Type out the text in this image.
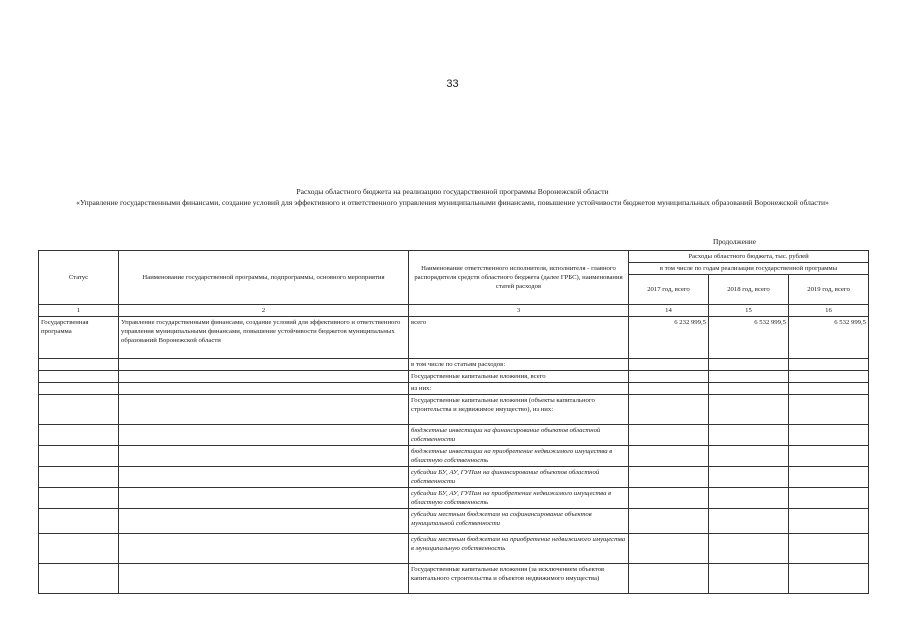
33
Расходы областного бюджета на реализацию государственной программы Воронежской области
«Управление государственными финансами, создание условий для эффективного и ответственного управления муниципальными финансами, повышение устойчивости бюджетов муниципальных образований Воронежской области»
Продолжение
Статус	Наименование государственной программы, подпрограммы, основного мероприятия	Наименование ответственного исполнителя, исполнителя - главного распорядителя средств областного бюджета (далее ГРБС), наименования статей расходов	Расходы областного бюджета, тыс. рублей		
			в том числе по годам реализации государственной программы		
			2017 год, всего	2018 год, всего	2019 год, всего
1	2	3	14	15	16
Государственная программа	Управление государственными финансами, создание условий для эффективного и ответственного управления муниципальными финансами, повышение устойчивости бюджетов муниципальных образований Воронежской области	всего	6 232 999,5	6 532 999,5	6 532 999,5
		в том числе по статьям расходов:			
		Государственные капитальные вложения, всего			
		из них:			
		Государственные капитальные вложения (объекты капитального строительства и недвижимое имущество), из них:			
		бюджетные инвестиции на финансирование объектов областной собственности			
		бюджетные инвестиции на приобретение недвижимого имущества в областную собственность			
		субсидии БУ, АУ, ГУПам на финансирование объектов областной собственности			
		субсидии БУ, АУ, ГУПам на приобретение недвижимого имущества в областную собственность			
		субсидии местным бюджетам на софинансирование объектов муниципальной собственности			
		субсидии местным бюджетам на приобретение недвижимого имущества в муниципальную собственность			
		Государственные капитальные вложения (за исключением объектов капитального строительства и объектов недвижимого имущества)			
